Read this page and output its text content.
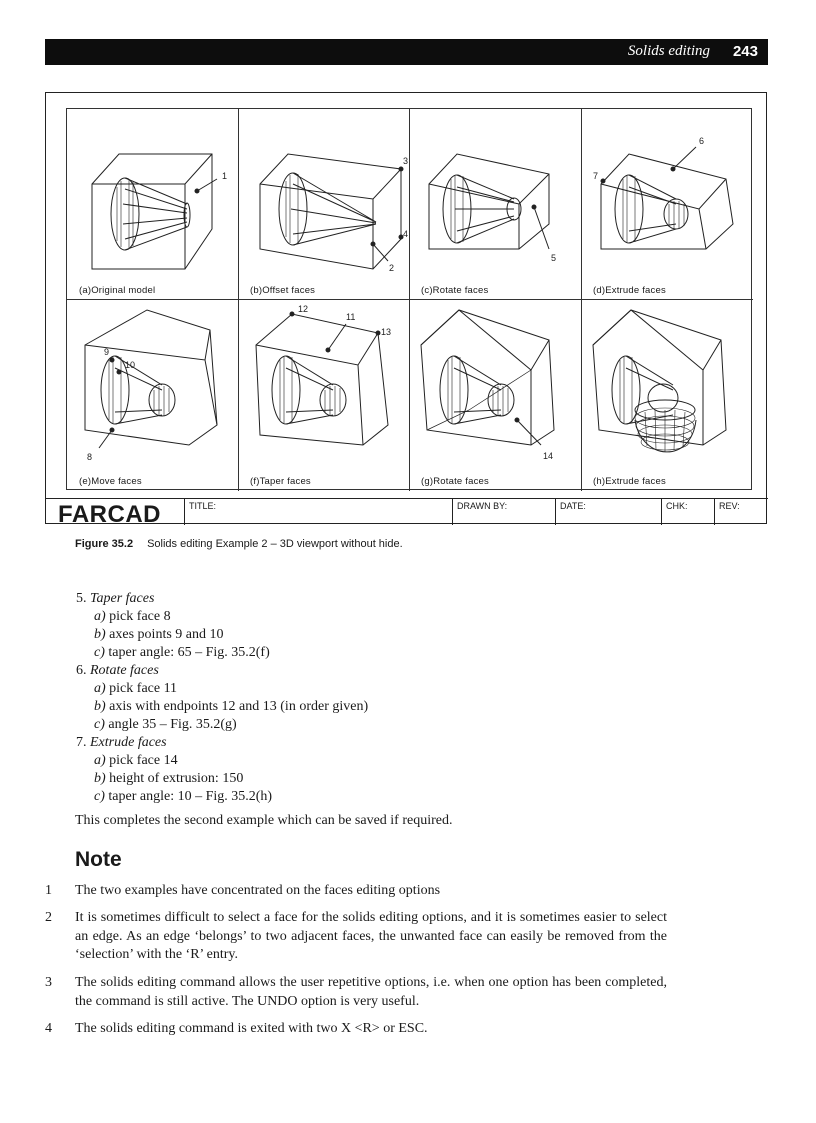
Solids editing 243
1
(a)Original model
3
4
2
(b)Offset faces
5
(c)Rotate faces
6
7
(d)Extrude faces
9
10
8
(e)Move faces
12
11
13
(f)Taper faces
14
(g)Rotate faces	(h)Extrude faces
FARCAD	TITLE:	DRAWN BY:	DATE:	CHK:	REV:
Figure 35.2 Solids editing Example 2 – 3D viewport without hide.

5. Taper faces

a) pick face 8

b) axes points 9 and 10

c) taper angle: 65 – Fig. 35.2(f)

6. Rotate faces

a) pick face 11

b) axis with endpoints 12 and 13 (in order given)

c) angle 35 – Fig. 35.2(g)

7. Extrude faces

a) pick face 14

b) height of extrusion: 150

c) taper angle: 10 – Fig. 35.2(h)

This completes the second example which can be saved if required.
Note
1 The two examples have concentrated on the faces editing options
2 It is sometimes difficult to select a face for the solids editing options, and it is sometimes easier to select an edge. As an edge ‘belongs’ to two adjacent faces, the unwanted face can easily be removed from the ‘selection’ with the ‘R’ entry.
3 The solids editing command allows the user repetitive options, i.e. when one option has been completed, the command is still active. The UNDO option is very useful.
4 The solids editing command is exited with two X <R> or ESC.
